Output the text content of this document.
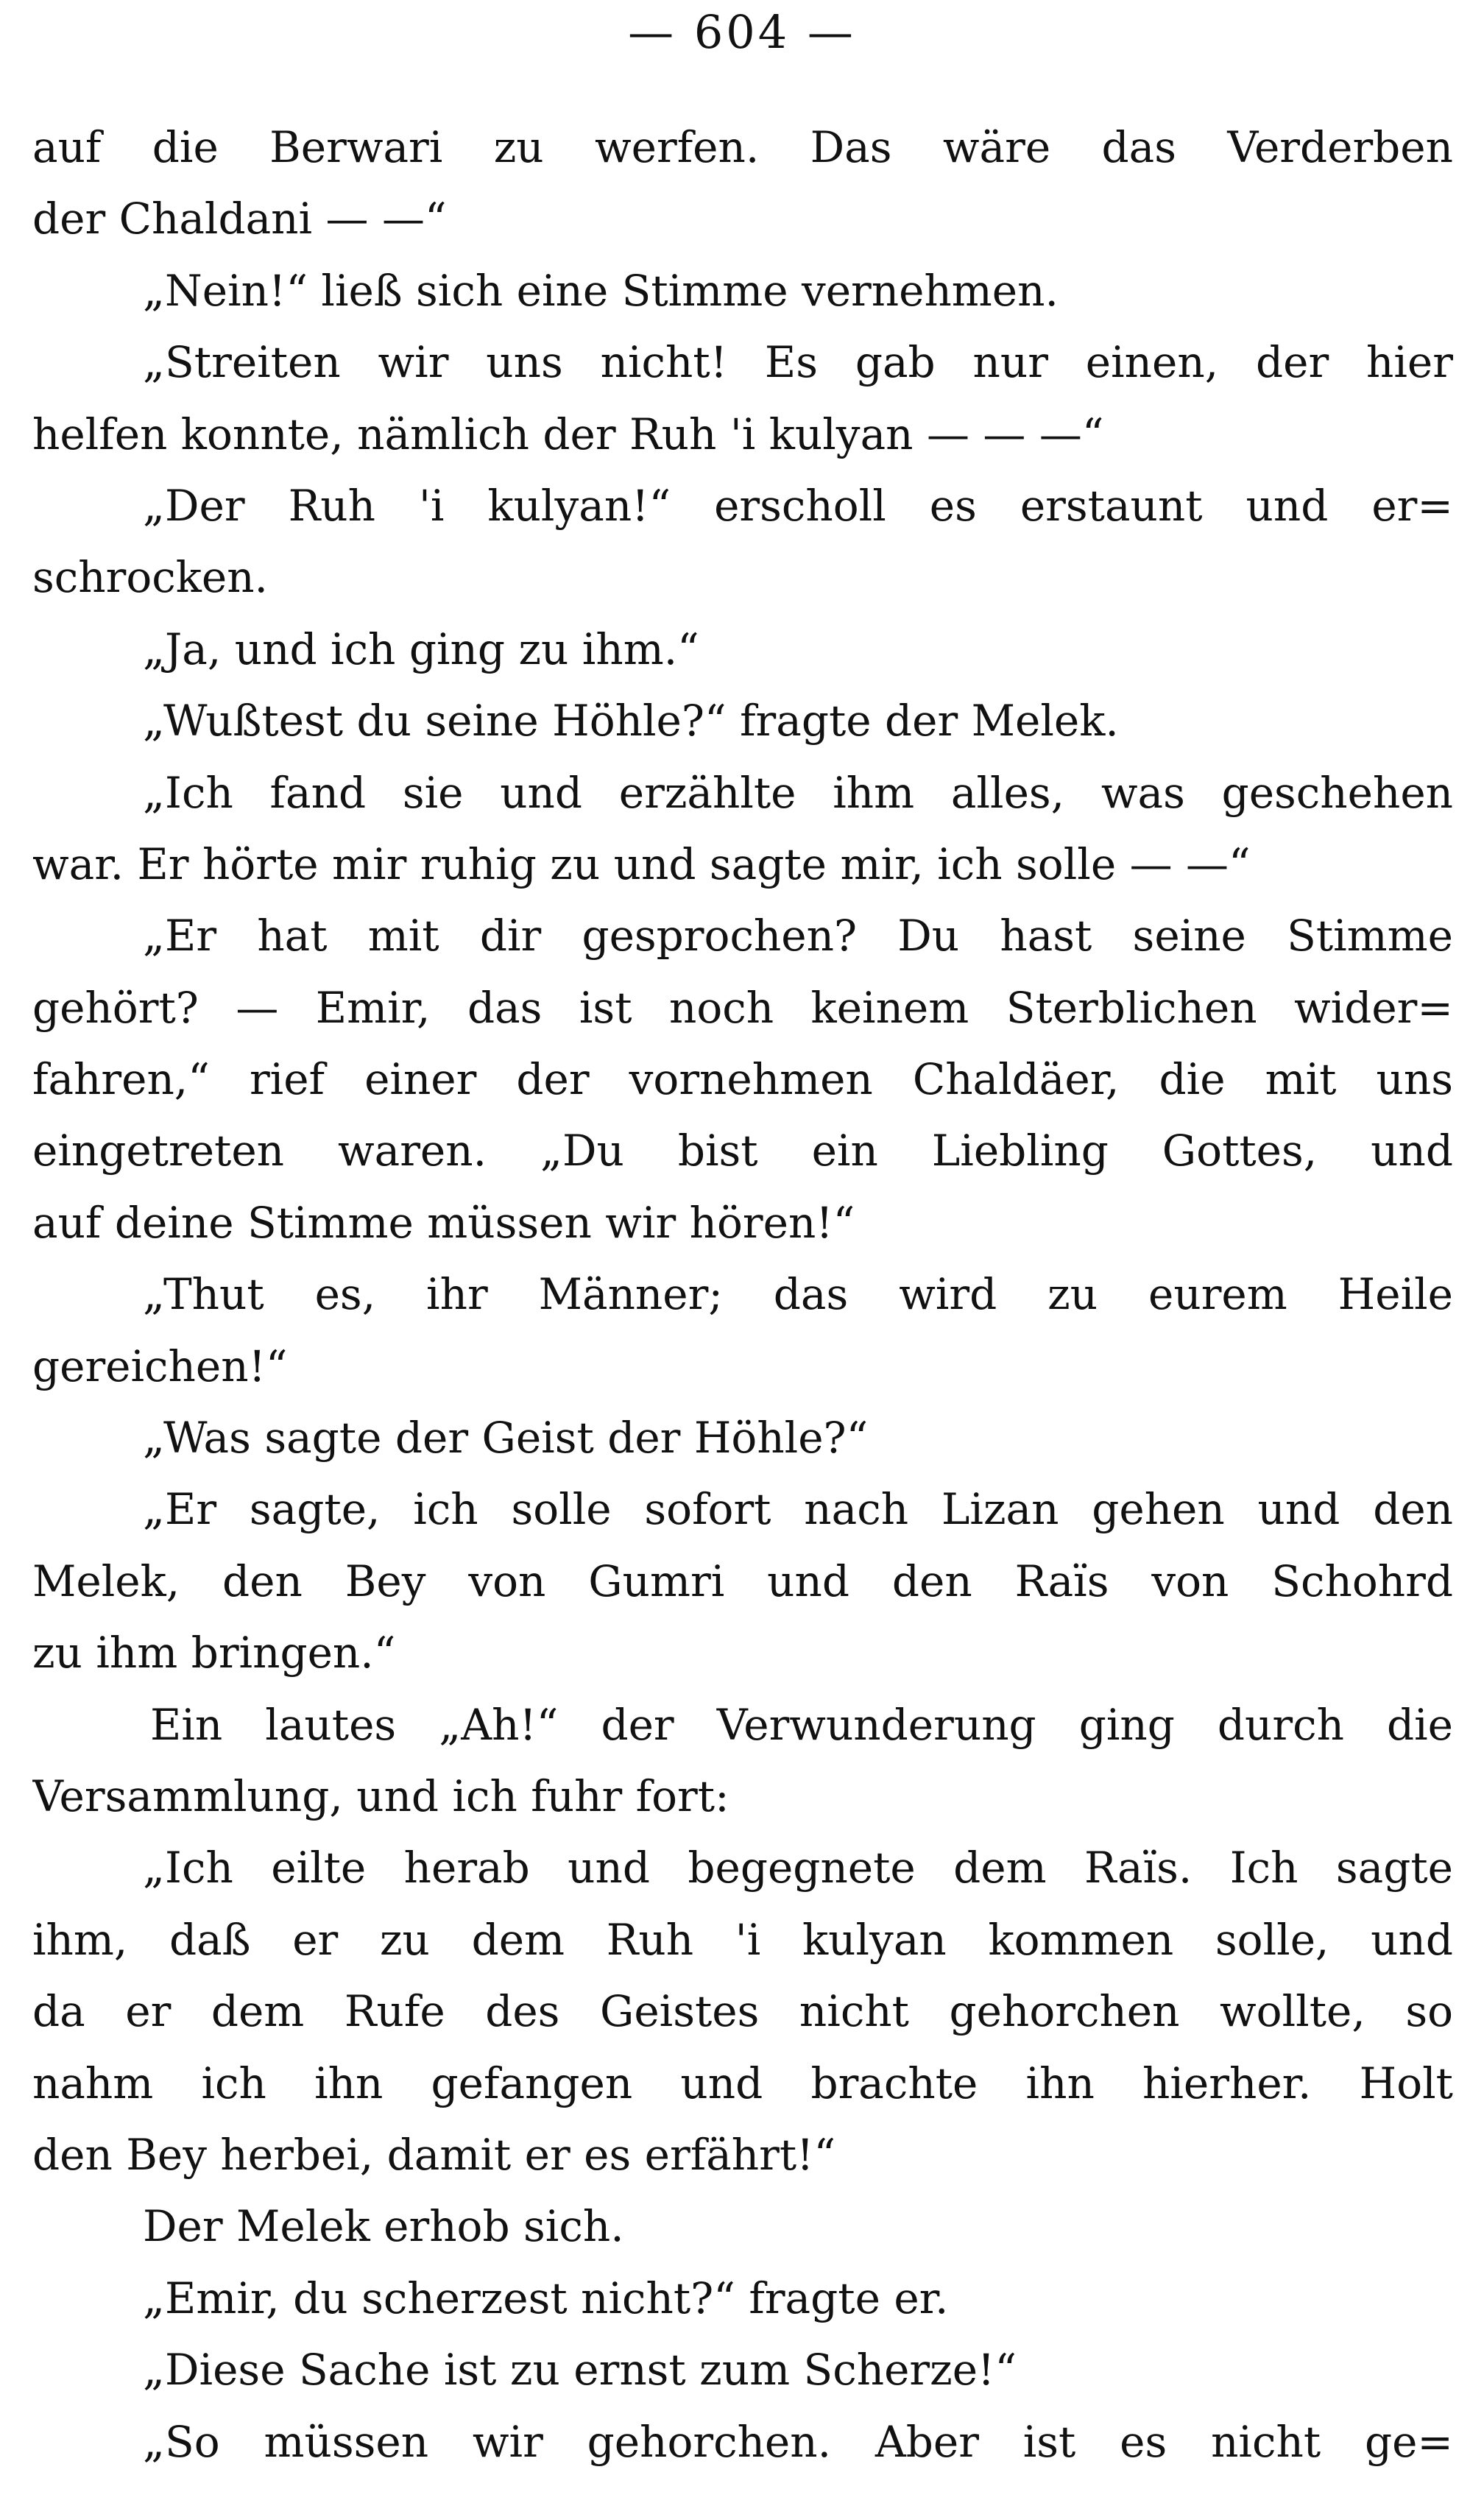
— 604 —
auf die Berwari zu werfen. Das wäre das Verderben
der Chaldani — —“
„Nein!“ ließ sich eine Stimme vernehmen.
„Streiten wir uns nicht! Es gab nur einen, der hier
helfen konnte, nämlich der Ruh 'i kulyan — — —“
„Der Ruh 'i kulyan!“ erscholl es erstaunt und er=
schrocken.
„Ja, und ich ging zu ihm.“
„Wußtest du seine Höhle?“ fragte der Melek.
„Ich fand sie und erzählte ihm alles, was geschehen
war. Er hörte mir ruhig zu und sagte mir, ich solle — —“
„Er hat mit dir gesprochen? Du hast seine Stimme
gehört? — Emir, das ist noch keinem Sterblichen wider=
fahren,“ rief einer der vornehmen Chaldäer, die mit uns
eingetreten waren. „Du bist ein Liebling Gottes, und
auf deine Stimme müssen wir hören!“
„Thut es, ihr Männer; das wird zu eurem Heile
gereichen!“
„Was sagte der Geist der Höhle?“
„Er sagte, ich solle sofort nach Lizan gehen und den
Melek, den Bey von Gumri und den Raïs von Schohrd
zu ihm bringen.“
Ein lautes „Ah!“ der Verwunderung ging durch die
Versammlung, und ich fuhr fort:
„Ich eilte herab und begegnete dem Raïs. Ich sagte
ihm, daß er zu dem Ruh 'i kulyan kommen solle, und
da er dem Rufe des Geistes nicht gehorchen wollte, so
nahm ich ihn gefangen und brachte ihn hierher. Holt
den Bey herbei, damit er es erfährt!“
Der Melek erhob sich.
„Emir, du scherzest nicht?“ fragte er.
„Diese Sache ist zu ernst zum Scherze!“
„So müssen wir gehorchen. Aber ist es nicht ge=
